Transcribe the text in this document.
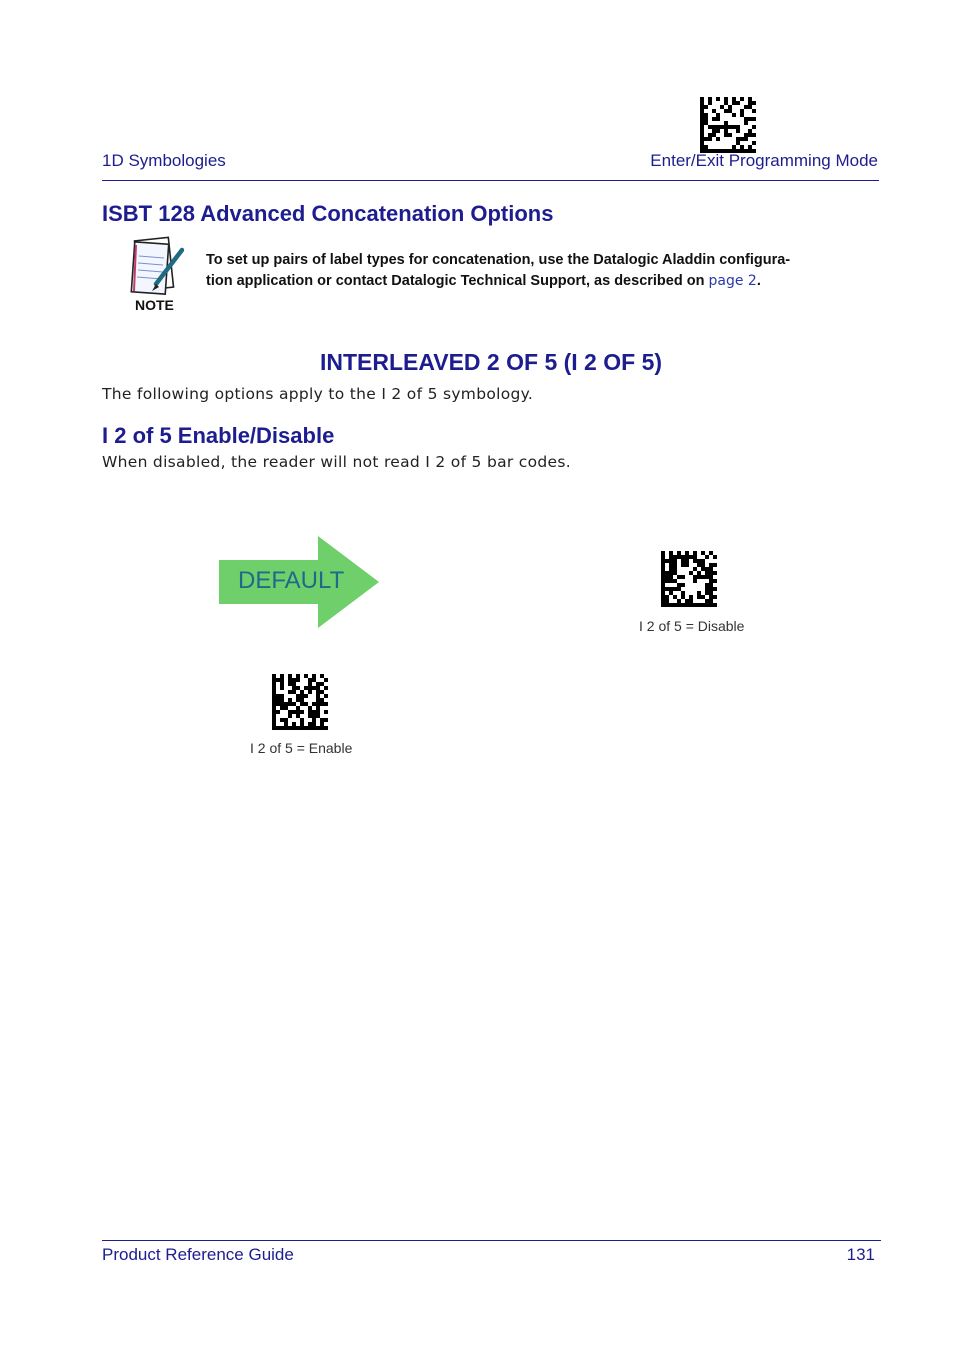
1D Symbologies	Enter/Exit Programming Mode
ISBT 128 Advanced Concatenation Options
NOTE
To set up pairs of label types for concatenation, use the Datalogic Aladdin configura-
tion application or contact Datalogic Technical Support, as described on page 2.
INTERLEAVED 2 OF 5 (I 2 OF 5)
The following options apply to the I 2 of 5 symbology.
I 2 of 5 Enable/Disable
When disabled, the reader will not read I 2 of 5 bar codes.
DEFAULT
I 2 of 5 = Disable
I 2 of 5 = Enable
Product Reference Guide	131
